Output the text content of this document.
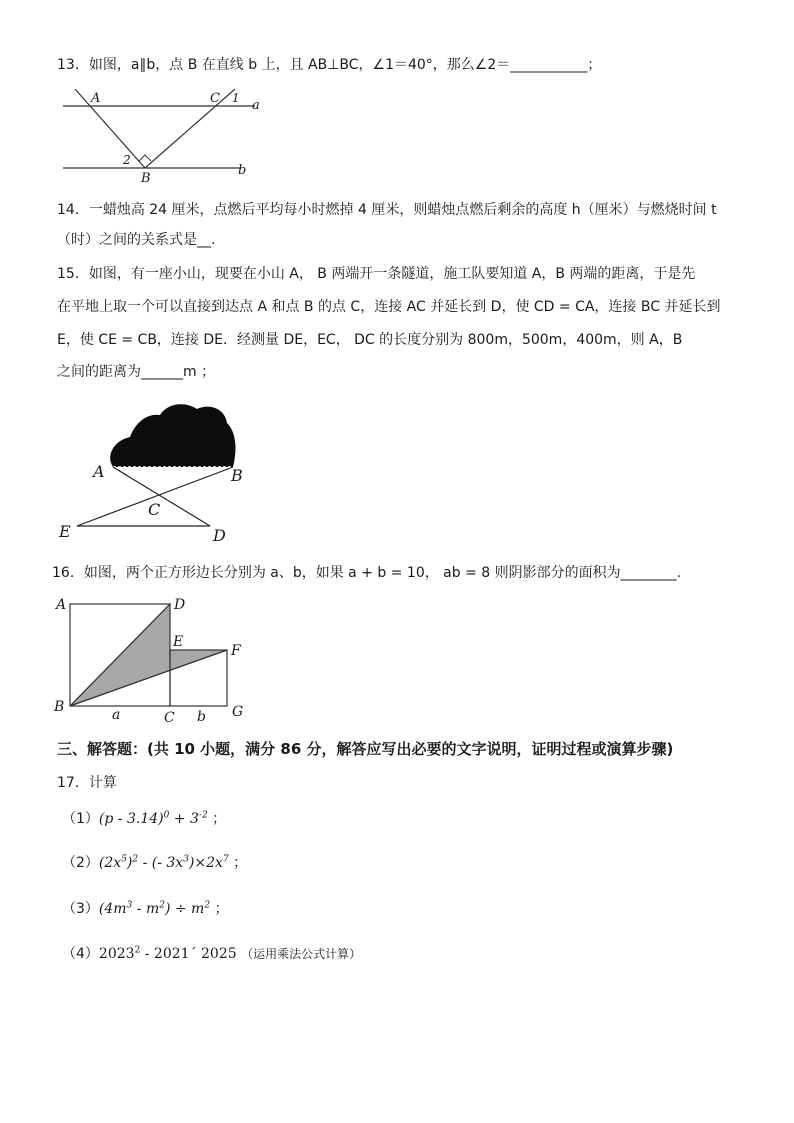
13．如图，a∥b，点 B 在直线 b 上，且 AB⊥BC，∠1＝40°，那么∠2＝___________；
A	C 1 a
2
B
b
14．一蜡烛高 24 厘米，点燃后平均每小时燃掉 4 厘米，则蜡烛点燃后剩余的高度 h（厘米）与燃烧时间 t
（时）之间的关系式是__.
15．如图，有一座小山，现要在小山 A， B 两端开一条隧道，施工队要知道 A，B 两端的距离，于是先
在平地上取一个可以直接到达点 A 和点 B 的点 C，连接 AC 并延长到 D，使 CD = CA，连接 BC 并延长到
E，使 CE = CB，连接 DE．经测量 DE，EC， DC 的长度分别为 800m，500m，400m，则 A，B
之间的距离为______m ；
A	B
C
E	D
16．如图，两个正方形边长分别为 a、b，如果 a + b = 10， ab = 8 则阴影部分的面积为________.
A	D
E
F
B
C	G
a	b
三、解答题：(共 10 小题，满分 86 分，解答应写出必要的文字说明，证明过程或演算步骤)
17．计算
$(1)(p - 3.14)^0 + 3^{-2}$ ；
$(2)(2x^5)^2$ - (- $3x^3)\times 2x^7$ ；
$(3)(4m^3 - m^2) \div m^2$ ；
（4）2023$^2$ - 2021´ 2025 （运用乘法公式计算）
